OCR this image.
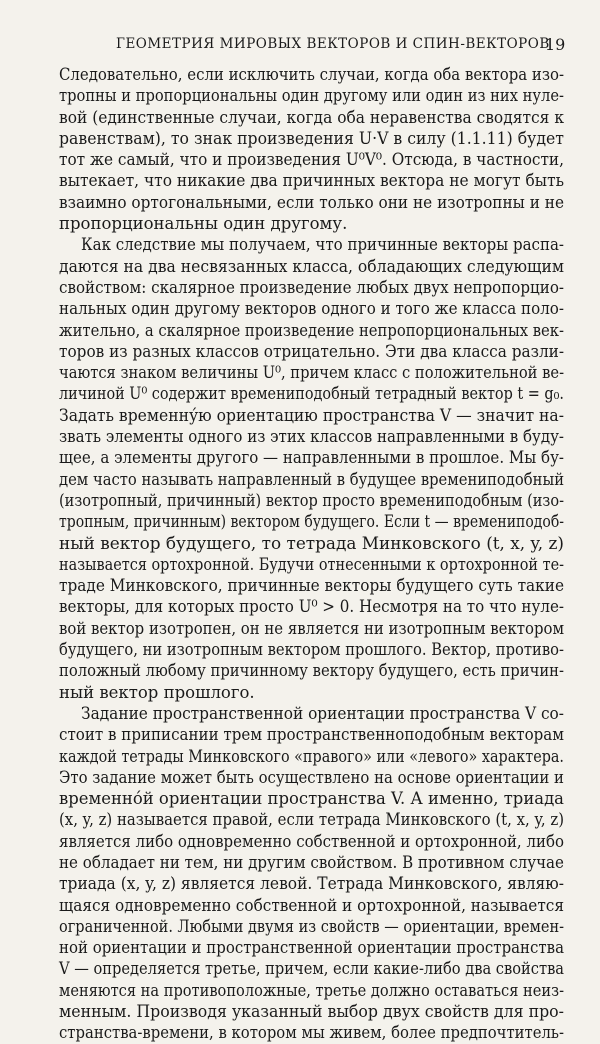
ГЕОМЕТРИЯ МИРОВЫХ ВЕКТОРОВ И СПИН-ВЕКТОРОВ
19
Следовательно, если исключить случаи, когда оба вектора изо-
тропны и пропорциональны один другому или один из них нуле-
вой (единственные случаи, когда оба неравенства сводятся к
равенствам), то знак произведения U·V в силу (1.1.11) будет
тот же самый, что и произведения U⁰V⁰. Отсюда, в частности,
вытекает, что никакие два причинных вектора не могут быть
взаимно ортогональными, если только они не изотропны и не
пропорциональны один другому.
Как следствие мы получаем, что причинные векторы распа-
даются на два несвязанных класса, обладающих следующим
свойством: скалярное произведение любых двух непропорцио-
нальных один другому векторов одного и того же класса поло-
жительно, а скалярное произведение непропорциональных век-
торов из разных классов отрицательно. Эти два класса разли-
чаются знаком величины U⁰, причем класс с положительной ве-
личиной U⁰ содержит времениподобный тетрадный вектор t = g₀.
Задать временну́ю ориентацию пространства V — значит на-
звать элементы одного из этих классов направленными в буду-
щее, а элементы другого — направленными в прошлое. Мы бу-
дем часто называть направленный в будущее времениподобный
(изотропный, причинный) вектор просто времениподобным (изо-
тропным, причинным) вектором будущего. Если t — времениподоб-
ный вектор будущего, то тетрада Минковского (t, x, y, z)
называется ортохронной. Будучи отнесенными к ортохронной те-
траде Минковского, причинные векторы будущего суть такие
векторы, для которых просто U⁰ > 0. Несмотря на то что нуле-
вой вектор изотропен, он не является ни изотропным вектором
будущего, ни изотропным вектором прошлого. Вектор, противо-
положный любому причинному вектору будущего, есть причин-
ный вектор прошлого.
Задание пространственной ориентации пространства V со-
стоит в приписании трем пространственноподобным векторам
каждой тетрады Минковского «правого» или «левого» характера.
Это задание может быть осуществлено на основе ориентации и
временно́й ориентации пространства V. А именно, триада
(x, y, z) называется правой, если тетрада Минковского (t, x, y, z)
является либо одновременно собственной и ортохронной, либо
не обладает ни тем, ни другим свойством. В противном случае
триада (x, y, z) является левой. Тетрада Минковского, являю-
щаяся одновременно собственной и ортохронной, называется
ограниченной. Любыми двумя из свойств — ориентации, времен-
ной ориентации и пространственной ориентации пространства
V — определяется третье, причем, если какие-либо два свойства
меняются на противоположные, третье должно оставаться неиз-
менным. Производя указанный выбор двух свойств для про-
странства-времени, в котором мы живем, более предпочтитель-
